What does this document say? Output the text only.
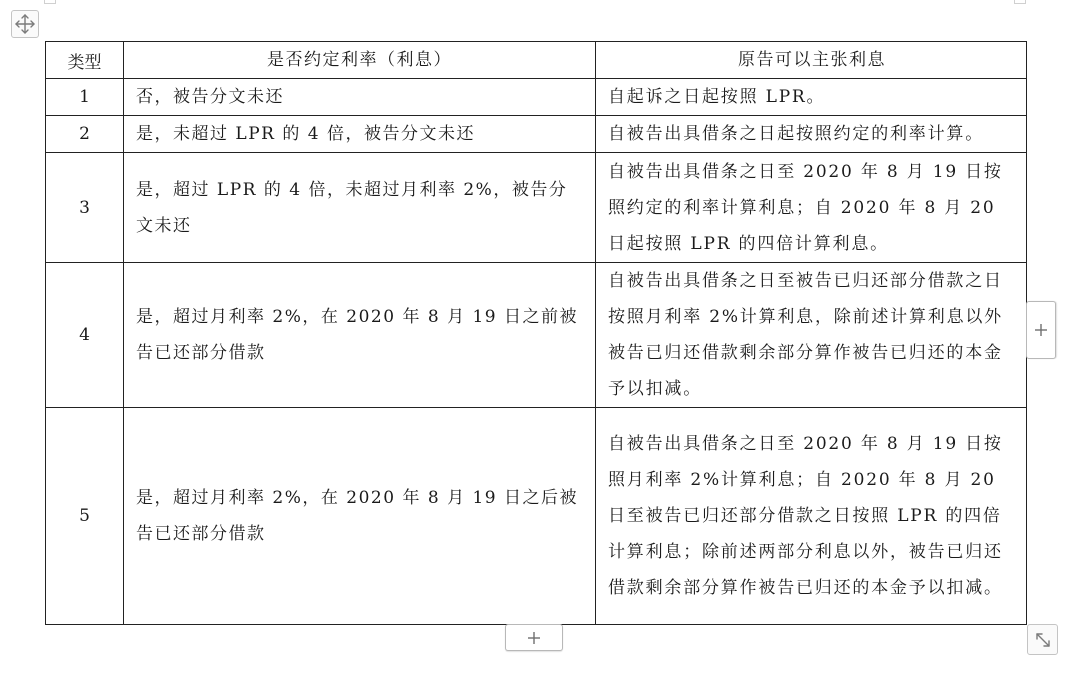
类型	是否约定利率（利息）	原告可以主张利息
1	否，被告分文未还	自起诉之日起按照 LPR。
2	是，未超过 LPR 的 4 倍，被告分文未还	自被告出具借条之日起按照约定的利率计算。
3	是，超过 LPR 的 4 倍，未超过月利率 2%，被告分文未还	自被告出具借条之日至 2020 年 8 月 19 日按照约定的利率计算利息；自 2020 年 8 月 20 日起按照 LPR 的四倍计算利息。
4	是，超过月利率 2%，在 2020 年 8 月 19 日之前被告已还部分借款	自被告出具借条之日至被告已归还部分借款之日按照月利率 2%计算利息，除前述计算利息以外被告已归还借款剩余部分算作被告已归还的本金予以扣减。
5	是，超过月利率 2%，在 2020 年 8 月 19 日之后被告已还部分借款	自被告出具借条之日至 2020 年 8 月 19 日按照月利率 2%计算利息；自 2020 年 8 月 20 日至被告已归还部分借款之日按照 LPR 的四倍计算利息；除前述两部分利息以外，被告已归还借款剩余部分算作被告已归还的本金予以扣减。
